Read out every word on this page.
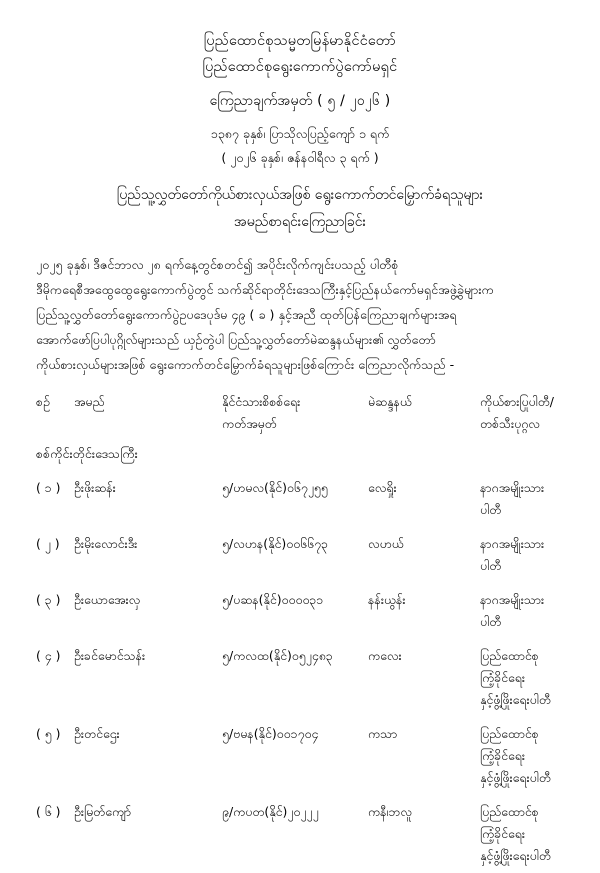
ပြည်ထောင်စုသမ္မတမြန်မာနိုင်ငံတော်
ပြည်ထောင်စုရွေးကောက်ပွဲကော်မရှင်
ကြေညာချက်အမှတ် ( ၅ / ၂၀၂၆ )
၁၃၈၇ ခုနှစ်၊ ပြာသိုလပြည့်ကျော် ၁ ရက်
( ၂၀၂၆ ခုနှစ်၊ ဇန်နဝါရီလ ၃ ရက် )
ပြည်သူ့လွှတ်တော်ကိုယ်စားလှယ်အဖြစ် ရွေးကောက်တင်မြှောက်ခံရသူများ
အမည်စာရင်းကြေညာခြင်း
၂၀၂၅ ခုနှစ်၊ ဒီဇင်ဘာလ ၂၈ ရက်နေ့တွင်စတင်၍ အပိုင်းလိုက်ကျင်းပသည့် ပါတီစုံ
ဒီမိုကရေစီအထွေထွေရွေးကောက်ပွဲတွင် သက်ဆိုင်ရာတိုင်းဒေသကြီးနှင့်ပြည်နယ်ကော်မရှင်အဖွဲ့ခွဲများက
ပြည်သူ့လွှတ်တော်ရွေးကောက်ပွဲဥပဒေပုဒ်မ ၄၉ ( ခ ) နှင့်အညီ ထုတ်ပြန်ကြေညာချက်များအရ
အောက်ဖော်ပြပါပုဂ္ဂိုလ်များသည် ယှဉ်တွဲပါ ပြည်သူ့လွှတ်တော်မဲဆန္ဒနယ်များ၏ လွှတ်တော်
ကိုယ်စားလှယ်များအဖြစ် ရွေးကောက်တင်မြှောက်ခံရသူများဖြစ်ကြောင်း ကြေညာလိုက်သည် -
စဉ်	အမည်	နိုင်ငံသားစိစစ်ရေး
ကတ်အမှတ်	မဲဆန္ဒနယ်	ကိုယ်စားပြုပါတီ/
တစ်သီးပုဂ္ဂလ

စစ်ကိုင်းတိုင်းဒေသကြီး				
( ၁ )	ဦးဖိုးဆန်း	၅/ဟမလ(နိုင်)၀၆၇၂၅၅	လေရှိုး	နာဂအမျိုးသားပါတီ

( ၂ )	ဦးမိုးလောင်းဒီး	၅/လဟန(နိုင်)၀၀၆၆၇၃	လဟယ်	နာဂအမျိုးသားပါတီ

( ၃ )	ဦးယောအေးလှ	၅/ပဆန(နိုင်)၀၀၀၀၃၁	နန်းယွန်း	နာဂအမျိုးသားပါတီ

( ၄ )	ဦးခင်မောင်သန်း	၅/ကလထ(နိုင်)၀၅၂၄၈၃	ကလေး	ပြည်ထောင်စုကြံ့ခိုင်ရေး
နှင့်ဖွံ့ဖြိုးရေးပါတီ

( ၅ )	ဦးတင်ဌေး	၅/ဗမန(နိုင်)၀၀၁၇၀၄	ကသာ	ပြည်ထောင်စုကြံ့ခိုင်ရေး
နှင့်ဖွံ့ဖြိုးရေးပါတီ

( ၆ )	ဦးမြတ်ကျော်	၉/ကပတ(နိုင်)၂၀၂၂၂	ကနီ၊ဘလူ	ပြည်ထောင်စုကြံ့ခိုင်ရေး
နှင့်ဖွံ့ဖြိုးရေးပါတီ
